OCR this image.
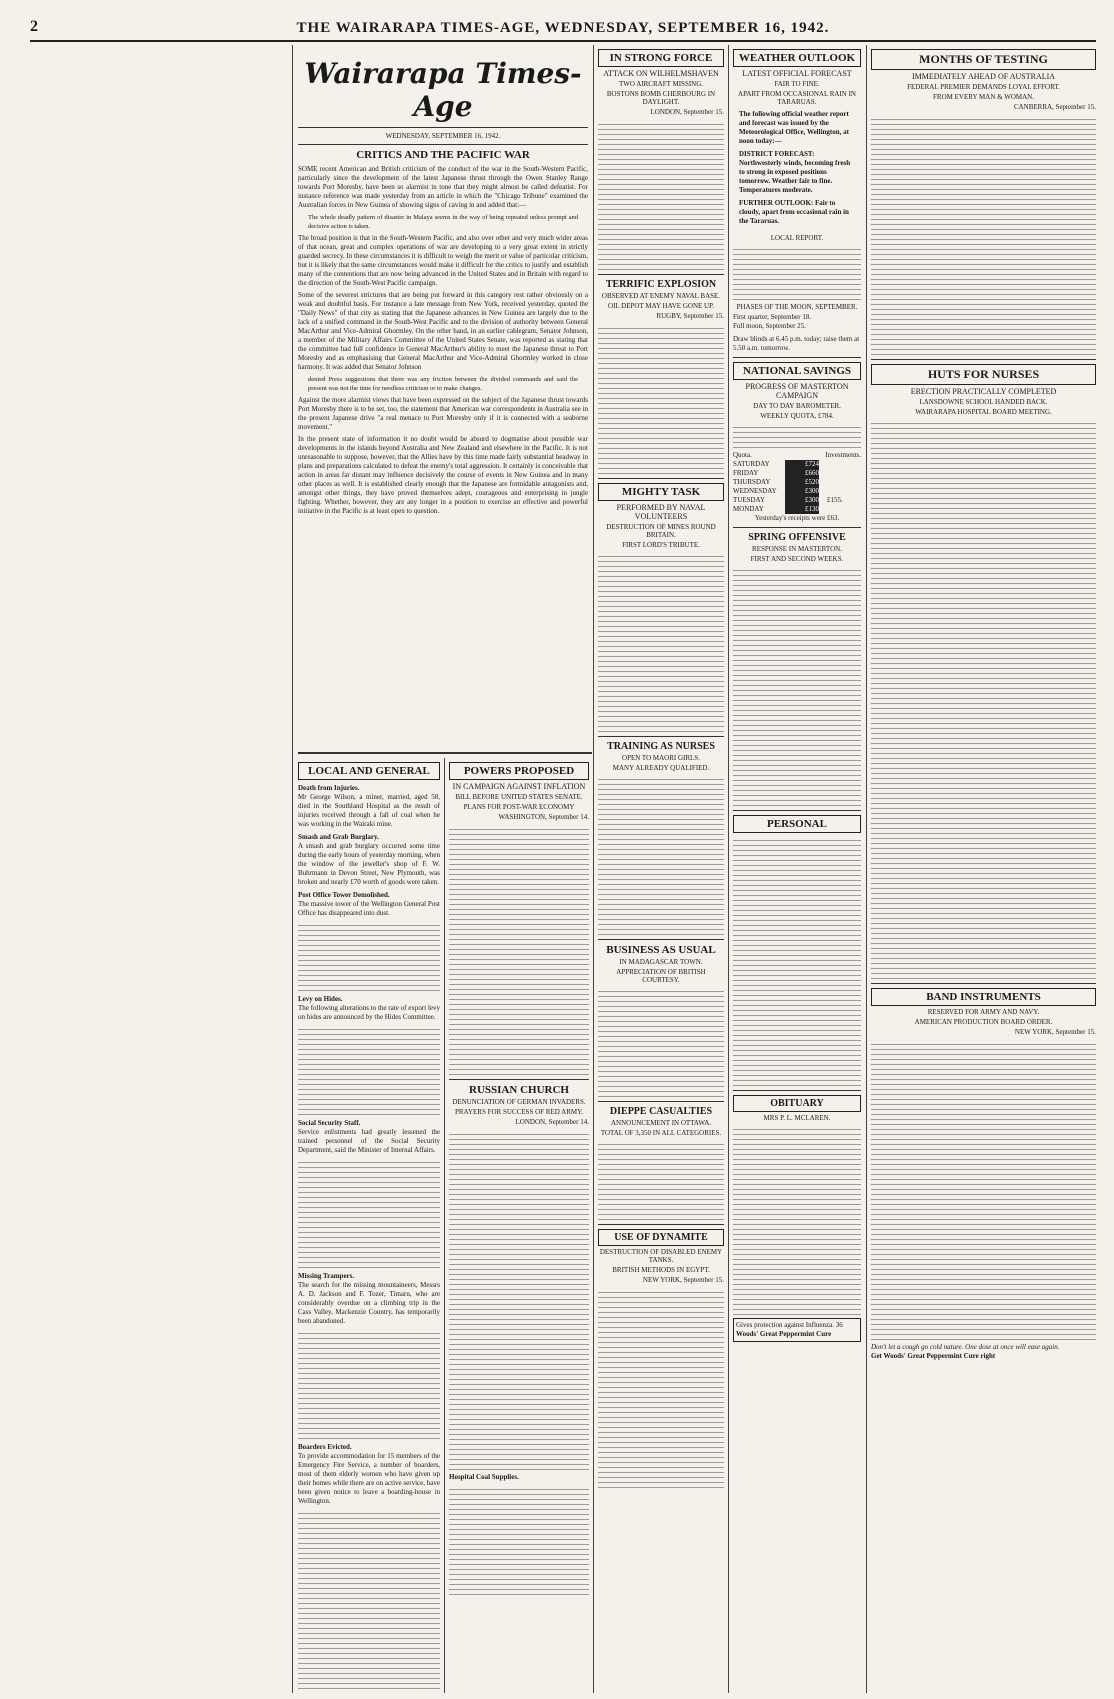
2	THE WAIRARAPA TIMES-AGE, WEDNESDAY, SEPTEMBER 16, 1942.
Wairarapa Times-Age
WEDNESDAY, SEPTEMBER 16, 1942.
CRITICS AND THE PACIFIC WAR
SOME recent American and British criticism of the conduct of the war in the South-Western Pacific, particularly since the development of the latest Japanese thrust through the Owen Stanley Range towards Port Moresby, have been so alarmist in tone that they might almost be called defeatist. For instance reference was made yesterday from an article in which the "Chicago Tribune" examined the Australian forces in New Guinea of showing signs of caving in and added that:—
The whole deadly pattern of disaster in Malaya seems in the way of being repeated unless prompt and decisive action is taken.
The broad position is that in the South-Western Pacific, and also over other and very much wider areas of that ocean, great and complex operations of war are developing to a very great extent in strictly guarded secrecy. In these circumstances it is difficult to weigh the merit or value of particular criticism, but it is likely that the same circumstances would make it difficult for the critics to justify and establish many of the contentions that are now being advanced in the United States and in Britain with regard to the direction of the South-West Pacific campaign.
Some of the severest strictures that are being put forward in this category rest rather obviously on a weak and doubtful basis. For instance a late message from New York, received yesterday, quoted the "Daily News" of that city as stating that the Japanese advances in New Guinea are largely due to the lack of a unified command in the South-West Pacific and to the division of authority between General MacArthur and Vice-Admiral Ghormley. On the other hand, in an earlier cablegram, Senator Johnson, a member of the Military Affairs Committee of the United States Senate, was reported as stating that the committee had full confidence in General MacArthur's ability to meet the Japanese threat to Port Moresby and as emphasising that General MacArthur and Vice-Admiral Ghormley worked in close harmony. It was added that Senator Johnson
denied Press suggestions that there was any friction between the divided commands and said the present was not the time for needless criticism or to make changes.
Against the more alarmist views that have been expressed on the subject of the Japanese thrust towards Port Moresby there is to be set, too, the statement that American war correspondents in Australia see in the present Japanese drive "a real menace to Port Moresby only if it is connected with a seaborne movement."
In the present state of information it no doubt would be absurd to dogmatise about possible war developments in the islands beyond Australia and New Zealand and elsewhere in the Pacific. It is not unreasonable to suppose, however, that the Allies have by this time made fairly substantial headway in plans and preparations calculated to defeat the enemy's total aggression. It certainly is conceivable that action in areas far distant may influence decisively the course of events in New Guinea and in many other places as well. It is established clearly enough that the Japanese are formidable antagonists and, amongst other things, they have proved themselves adept, courageous and enterprising in jungle fighting. Whether, however, they are any longer in a position to exercise an effective and powerful initiative in the Pacific is at least open to question.
LOCAL AND GENERAL
Death from Injuries.
Mr George Wilson, a miner, married, aged 58, died in the Southland Hospital as the result of injuries received through a fall of coal when he was working in the Wairaki mine.
Smash and Grab Burglary.
A smash and grab burglary occurred some time during the early hours of yesterday morning, when the window of the jeweller's shop of F. W. Buhrmann in Devon Street, New Plymouth, was broken and nearly £70 worth of goods were taken.
Post Office Tower Demolished.
The massive tower of the Wellington General Post Office has disappeared into dust.
Levy on Hides.
The following alterations to the rate of export levy on hides are announced by the Hides Committee.
Social Security Staff.
Service enlistments had greatly lessened the trained personnel of the Social Security Department, said the Minister of Internal Affairs.
Missing Trampers.
The search for the missing mountaineers, Messrs A. D. Jackson and F. Tozer, Timaru, who are considerably overdue on a climbing trip in the Cass Valley, Mackenzie Country, has temporarily been abandoned.
Boarders Evicted.
To provide accommodation for 15 members of the Emergency Fire Service, a number of boarders, most of them elderly women who have given up their homes while there are on active service, have been given notice to leave a boarding-house in Wellington.
POWERS PROPOSED
IN CAMPAIGN AGAINST INFLATION
BILL BEFORE UNITED STATES SENATE.
PLANS FOR POST-WAR ECONOMY
WASHINGTON, September 14.
RUSSIAN CHURCH
DENUNCIATION OF GERMAN INVADERS.
PRAYERS FOR SUCCESS OF RED ARMY.
LONDON, September 14.
Hospital Coal Supplies.
IN STRONG FORCE
ATTACK ON WILHELMSHAVEN
TWO AIRCRAFT MISSING.
BOSTONS BOMB CHERBOURG IN DAYLIGHT.
LONDON, September 15.
TERRIFIC EXPLOSION
OBSERVED AT ENEMY NAVAL BASE.
OIL DEPOT MAY HAVE GONE UP.
RUGBY, September 15.
MIGHTY TASK
PERFORMED BY NAVAL VOLUNTEERS
DESTRUCTION OF MINES ROUND BRITAIN.
FIRST LORD'S TRIBUTE.
TRAINING AS NURSES
OPEN TO MAORI GIRLS.
MANY ALREADY QUALIFIED.
BUSINESS AS USUAL
IN MADAGASCAR TOWN.
APPRECIATION OF BRITISH COURTESY.
DIEPPE CASUALTIES
ANNOUNCEMENT IN OTTAWA.
TOTAL OF 3,350 IN ALL CATEGORIES.
USE OF DYNAMITE
DESTRUCTION OF DISABLED ENEMY TANKS.
BRITISH METHODS IN EGYPT.
NEW YORK, September 15.
WEATHER OUTLOOK
LATEST OFFICIAL FORECAST
FAIR TO FINE.
APART FROM OCCASIONAL RAIN IN TARARUAS.
The following official weather report and forecast was issued by the Meteorological Office, Wellington, at noon today:—
DISTRICT FORECAST: Northwesterly winds, becoming fresh to strong in exposed positions tomorrow. Weather fair to fine. Temperatures moderate.
FURTHER OUTLOOK: Fair to cloudy, apart from occasional rain in the Tararuas.
LOCAL REPORT.
PHASES OF THE MOON, SEPTEMBER.
First quarter, September 18.
Full moon, September 25.
Draw blinds at 6.45 p.m. today; raise them at 5.50 a.m. tomorrow.
NATIONAL SAVINGS
PROGRESS OF MASTERTON CAMPAIGN
DAY TO DAY BAROMETER.
WEEKLY QUOTA, £784.
Quota.	Investments.
SATURDAY	£724
FRIDAY	£660
THURSDAY	£520
WEDNESDAY	£300
TUESDAY	£300 £155.
MONDAY	£130
Yesterday's receipts were £63.
SPRING OFFENSIVE
RESPONSE IN MASTERTON.
FIRST AND SECOND WEEKS.
PERSONAL
OBITUARY
MRS P. L. MCLAREN.
Gives protection against Influenza. 36
Woods' Great Peppermint Cure
MONTHS OF TESTING
IMMEDIATELY AHEAD OF AUSTRALIA
FEDERAL PREMIER DEMANDS LOYAL EFFORT.
FROM EVERY MAN & WOMAN.
CANBERRA, September 15.
HUTS FOR NURSES
ERECTION PRACTICALLY COMPLETED
LANSDOWNE SCHOOL HANDED BACK.
WAIRARAPA HOSPITAL BOARD MEETING.
BAND INSTRUMENTS
RESERVED FOR ARMY AND NAVY.
AMERICAN PRODUCTION BOARD ORDER.
NEW YORK, September 15.
Don't let a cough go cold nature. One dose at once will ease again.
Get Woods' Great Peppermint Cure right
